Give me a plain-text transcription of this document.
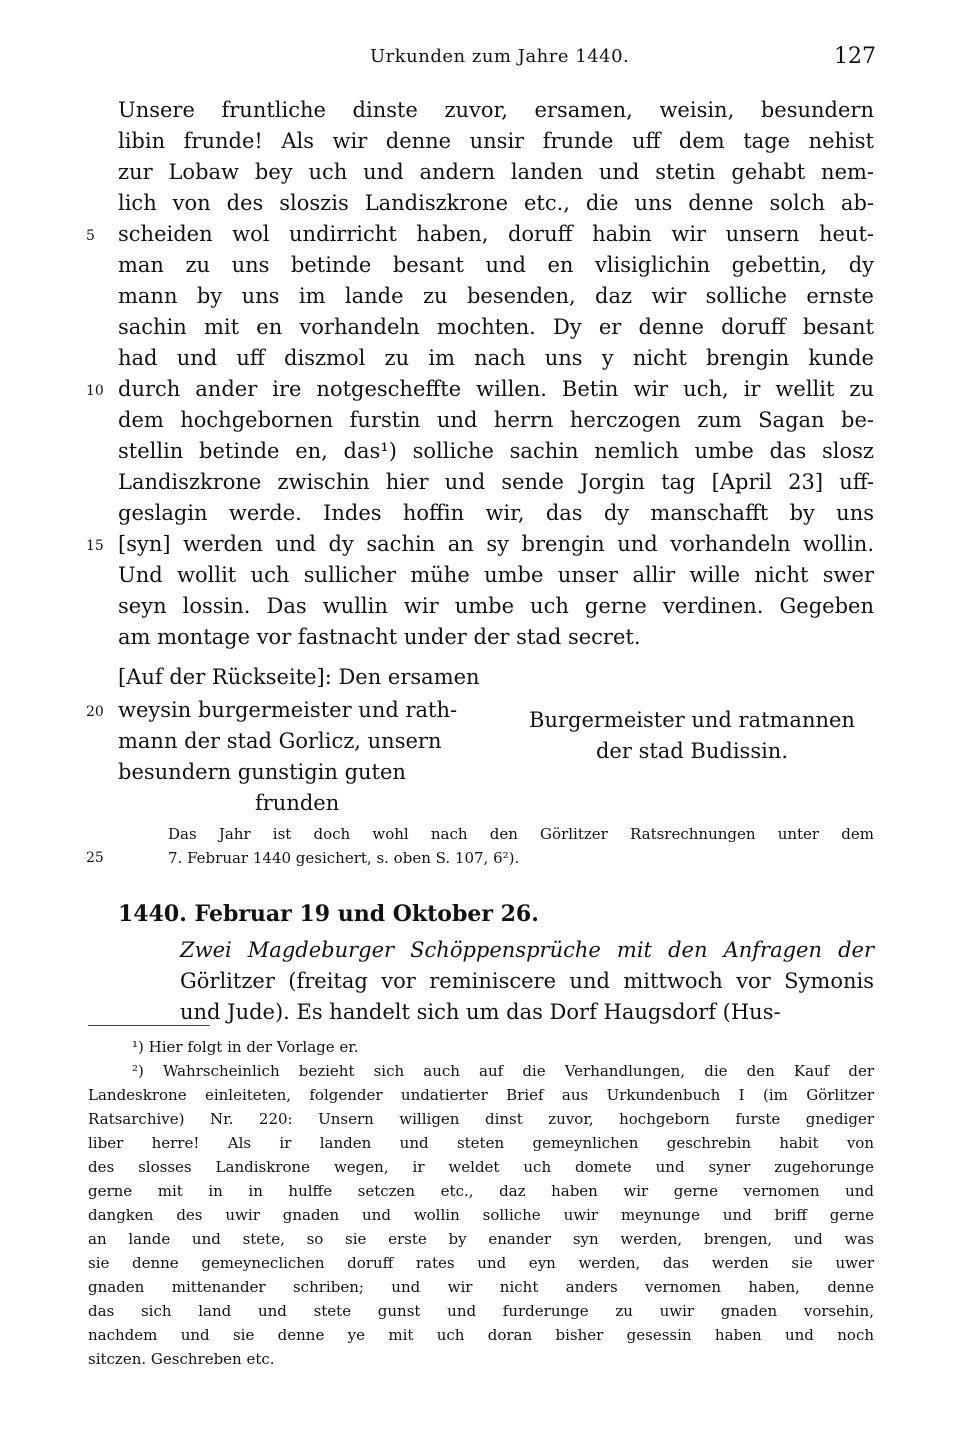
Urkunden zum Jahre 1440.	127
Unsere fruntliche dinste zuvor, ersamen, weisin, besundern
libin frunde! Als wir denne unsir frunde uff dem tage nehist
zur Lobaw bey uch und andern landen und stetin gehabt nem-
lich von des sloszis Landiszkrone etc., die uns denne solch ab-
scheiden wol undirricht haben, doruff habin wir unsern heut-
man zu uns betinde besant und en vlisiglichin gebettin, dy
mann by uns im lande zu besenden, daz wir solliche ernste
sachin mit en vorhandeln mochten. Dy er denne doruff besant
had und uff diszmol zu im nach uns y nicht brengin kunde
durch ander ire notgescheffte willen. Betin wir uch, ir wellit zu
dem hochgebornen furstin und herrn herczogen zum Sagan be-
stellin betinde en, das¹) solliche sachin nemlich umbe das slosz
Landiszkrone zwischin hier und sende Jorgin tag [April 23] uff-
geslagin werde. Indes hoffin wir, das dy manschafft by uns
[syn] werden und dy sachin an sy brengin und vorhandeln wollin.
Und wollit uch sullicher mühe umbe unser allir wille nicht swer
seyn lossin. Das wullin wir umbe uch gerne verdinen. Gegeben
am montage vor fastnacht under der stad secret.
[Auf der Rückseite]: Den ersamen
weysin burgermeister und rath-
mann der stad Gorlicz, unsern
besundern gunstigin guten
frunden
Burgermeister und ratmannen
der stad Budissin.
Das Jahr ist doch wohl nach den Görlitzer Ratsrechnungen unter dem
7. Februar 1440 gesichert, s. oben S. 107, 6²).
5
10
15
20
25
1440. Februar 19 und Oktober 26.
Zwei Magdeburger Schöppensprüche mit den Anfragen der
Görlitzer (freitag vor reminiscere und mittwoch vor Symonis
und Jude). Es handelt sich um das Dorf Haugsdorf (Hus-
¹) Hier folgt in der Vorlage er.
²) Wahrscheinlich bezieht sich auch auf die Verhandlungen, die den Kauf der
Landeskrone einleiteten, folgender undatierter Brief aus Urkundenbuch I (im Görlitzer
Ratsarchive) Nr. 220: Unsern willigen dinst zuvor, hochgeborn furste gnediger
liber herre! Als ir landen und steten gemeynlichen geschrebin habit von
des slosses Landiskrone wegen, ir weldet uch domete und syner zugehorunge
gerne mit in in hulffe setczen etc., daz haben wir gerne vernomen und
dangken des uwir gnaden und wollin solliche uwir meynunge und briff gerne
an lande und stete, so sie erste by enander syn werden, brengen, und was
sie denne gemeyneclichen doruff rates und eyn werden, das werden sie uwer
gnaden mittenander schriben; und wir nicht anders vernomen haben, denne
das sich land und stete gunst und furderunge zu uwir gnaden vorsehin,
nachdem und sie denne ye mit uch doran bisher gesessin haben und noch
sitczen. Geschreben etc.
